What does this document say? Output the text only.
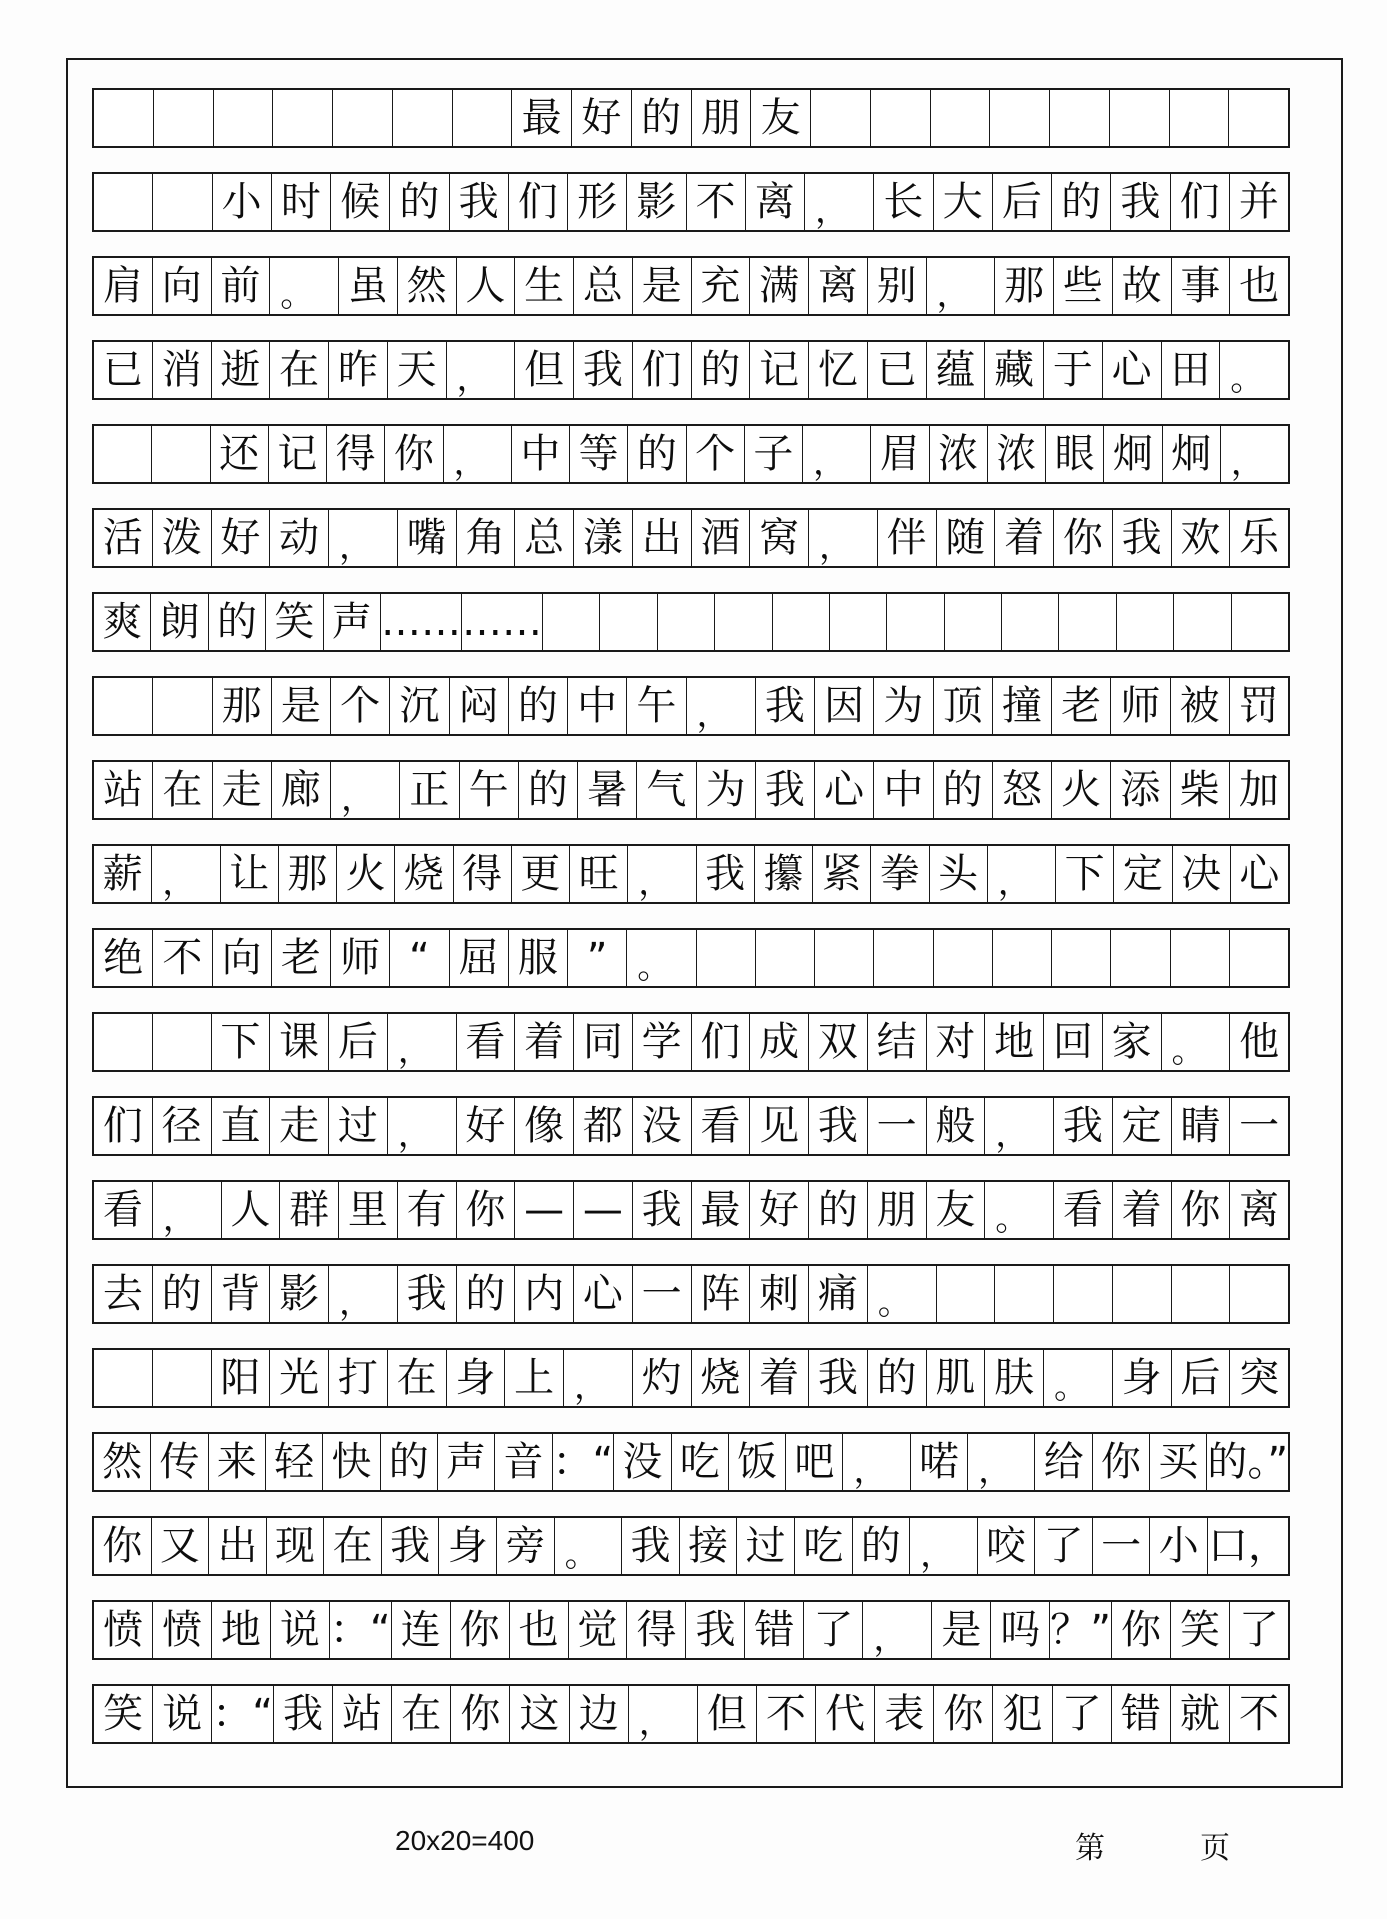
最 好 的 朋 友
小 时 候 的 我 们 形 影 不 离 ， 长 大 后 的 我 们 并
肩 向 前 。 虽 然 人 生 总 是 充 满 离 别 ， 那 些 故 事 也
已 消 逝 在 昨 天 ， 但 我 们 的 记 忆 已 蕴 藏 于 心 田 。
还 记 得 你 ， 中 等 的 个 子 ， 眉 浓 浓 眼 炯 炯 ，
活 泼 好 动 ， 嘴 角 总 漾 出 酒 窝 ， 伴 随 着 你 我 欢 乐
爽 朗 的 笑 声 …… ……
那 是 个 沉 闷 的 中 午 ， 我 因 为 顶 撞 老 师 被 罚
站 在 走 廊 ， 正 午 的 暑 气 为 我 心 中 的 怒 火 添 柴 加
薪 ， 让 那 火 烧 得 更 旺 ， 我 攥 紧 拳 头 ， 下 定 决 心
绝 不 向 老 师 “ 屈 服 ” 。
下 课 后 ， 看 着 同 学 们 成 双 结 对 地 回 家 。 他
们 径 直 走 过 ， 好 像 都 没 看 见 我 一 般 ， 我 定 睛 一
看 ， 人 群 里 有 你 — — 我 最 好 的 朋 友 。 看 着 你 离
去 的 背 影 ， 我 的 内 心 一 阵 刺 痛 。
阳 光 打 在 身 上 ， 灼 烧 着 我 的 肌 肤 。 身 后 突
然 传 来 轻 快 的 声 音 ：“ 没 吃 饭 吧 ， 喏 ， 给 你 买 的。”
你 又 出 现 在 我 身 旁 。 我 接 过 吃 的 ， 咬 了 一 小 口，
愤 愤 地 说 ：“ 连 你 也 觉 得 我 错 了 ， 是 吗 ？” 你 笑 了
笑 说 ：“ 我 站 在 你 这 边 ， 但 不 代 表 你 犯 了 错 就 不
20x20=400	第	页
